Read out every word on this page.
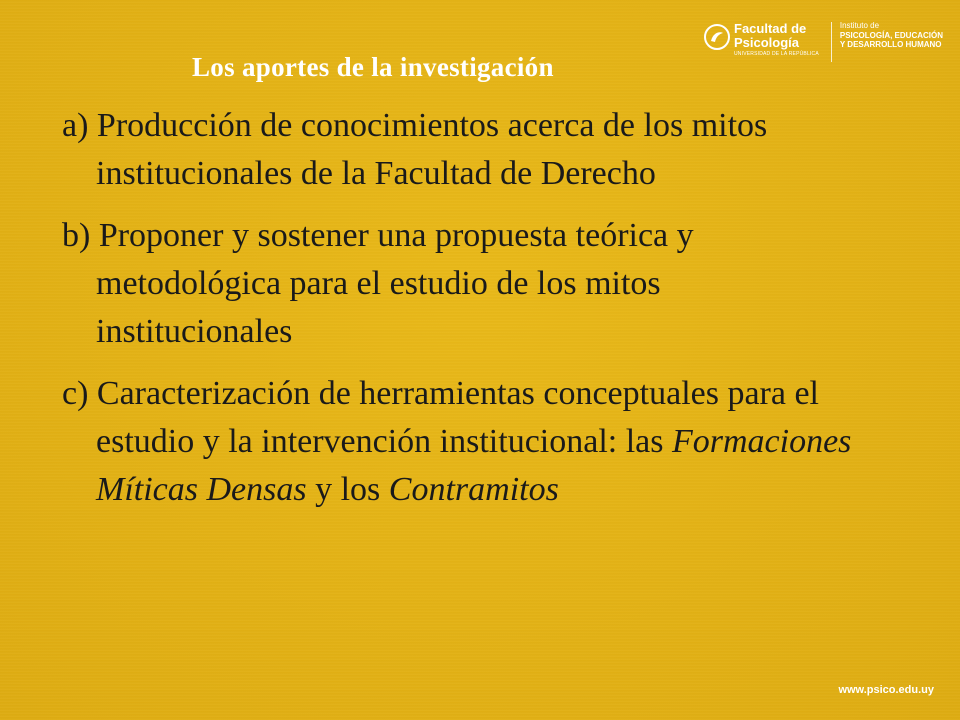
Facultad de
Psicología
UNIVERSIDAD DE LA REPÚBLICA
Instituto de
PSICOLOGÍA, EDUCACIÓN
Y DESARROLLO HUMANO
Los aportes de la investigación

a) Producción de conocimientos acerca de los mitos institucionales de la Facultad de Derecho

b) Proponer y sostener una propuesta teórica y metodológica para el estudio de los mitos institucionales

c) Caracterización de herramientas conceptuales para el estudio y la intervención institucional: las Formaciones Míticas Densas y los Contramitos

www.psico.edu.uy
